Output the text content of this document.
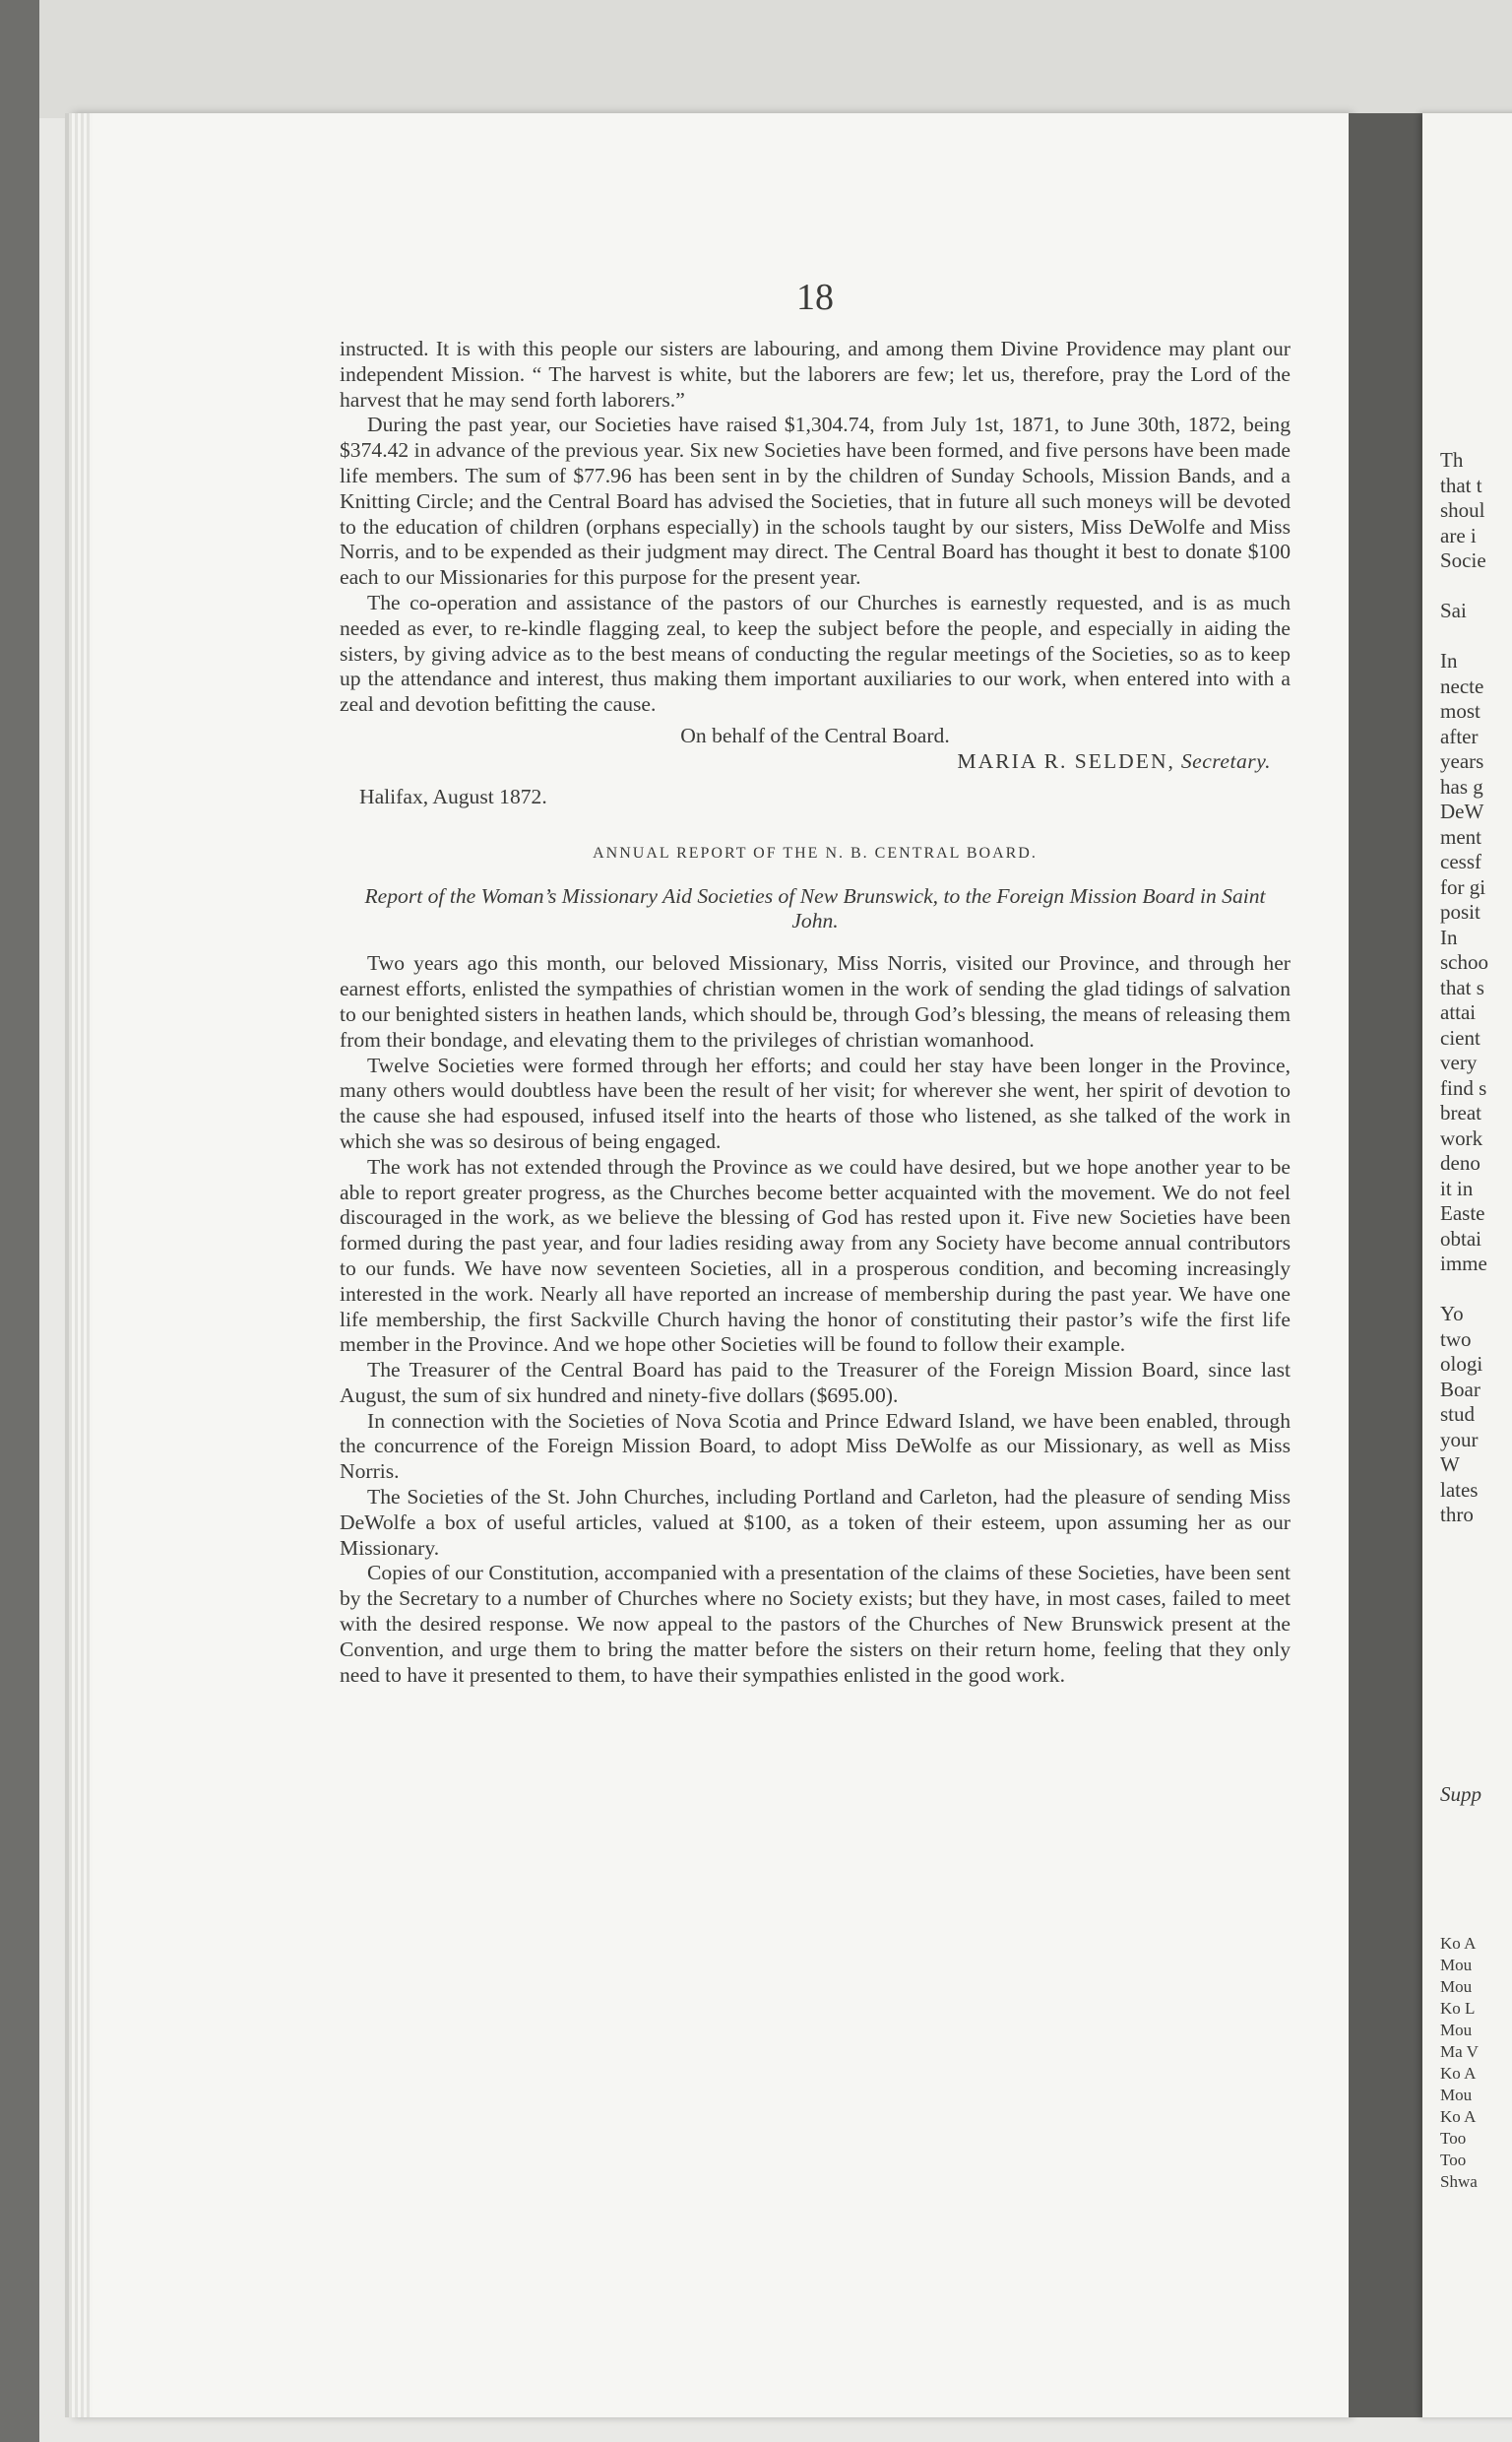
18

instructed. It is with this people our sisters are labouring, and among them Divine Providence may plant our independent Mission. “ The harvest is white, but the laborers are few; let us, therefore, pray the Lord of the harvest that he may send forth laborers.”

During the past year, our Societies have raised $1,304.74, from July 1st, 1871, to June 30th, 1872, being $374.42 in advance of the previous year. Six new Societies have been formed, and five persons have been made life members. The sum of $77.96 has been sent in by the children of Sunday Schools, Mission Bands, and a Knitting Circle; and the Central Board has advised the Societies, that in future all such moneys will be devoted to the education of children (orphans especially) in the schools taught by our sisters, Miss DeWolfe and Miss Norris, and to be expended as their judgment may direct. The Central Board has thought it best to donate $100 each to our Missionaries for this purpose for the present year.

The co-operation and assistance of the pastors of our Churches is earnestly requested, and is as much needed as ever, to re-kindle flagging zeal, to keep the subject before the people, and especially in aiding the sisters, by giving advice as to the best means of conducting the regular meetings of the Societies, so as to keep up the attendance and interest, thus making them important auxiliaries to our work, when entered into with a zeal and devotion befitting the cause.

On behalf of the Central Board.
MARIA R. SELDEN, Secretary.
Halifax, August 1872.
ANNUAL REPORT OF THE N. B. CENTRAL BOARD.
Report of the Woman’s Missionary Aid Societies of New Brunswick, to the Foreign Mission Board in Saint John.

Two years ago this month, our beloved Missionary, Miss Norris, visited our Province, and through her earnest efforts, enlisted the sympathies of christian women in the work of sending the glad tidings of salvation to our benighted sisters in heathen lands, which should be, through God’s blessing, the means of releasing them from their bondage, and elevating them to the privileges of christian womanhood.

Twelve Societies were formed through her efforts; and could her stay have been longer in the Province, many others would doubtless have been the result of her visit; for wherever she went, her spirit of devotion to the cause she had espoused, infused itself into the hearts of those who listened, as she talked of the work in which she was so desirous of being engaged.

The work has not extended through the Province as we could have desired, but we hope another year to be able to report greater progress, as the Churches become better acquainted with the movement. We do not feel discouraged in the work, as we believe the blessing of God has rested upon it. Five new Societies have been formed during the past year, and four ladies residing away from any Society have become annual contributors to our funds. We have now seventeen Societies, all in a prosperous condition, and becoming increasingly interested in the work. Nearly all have reported an increase of membership during the past year. We have one life membership, the first Sackville Church having the honor of constituting their pastor’s wife the first life member in the Province. And we hope other Societies will be found to follow their example.

The Treasurer of the Central Board has paid to the Treasurer of the Foreign Mission Board, since last August, the sum of six hundred and ninety-five dollars ($695.00).

In connection with the Societies of Nova Scotia and Prince Edward Island, we have been enabled, through the concurrence of the Foreign Mission Board, to adopt Miss DeWolfe as our Missionary, as well as Miss Norris.

The Societies of the St. John Churches, including Portland and Carleton, had the pleasure of sending Miss DeWolfe a box of useful articles, valued at $100, as a token of their esteem, upon assuming her as our Missionary.

Copies of our Constitution, accompanied with a presentation of the claims of these Societies, have been sent by the Secretary to a number of Churches where no Society exists; but they have, in most cases, failed to meet with the desired response. We now appeal to the pastors of the Churches of New Brunswick present at the Convention, and urge them to bring the matter before the sisters on their return home, feeling that they only need to have it presented to them, to have their sympathies enlisted in the good work.

Th
that t
shoul
are i
Socie
Sai
In
necte
most
after
years
has g
DeW
ment
cessf
for gi
posit
In
schoo
that s
attai
cient
very
find s
breat
work
deno
it in
Easte
obtai
imme
Yo
two
ologi
Boar
stud
your
W
lates
thro
Supp
Ko A
Mou
Mou
Ko L
Mou
Ma V
Ko A
Mou
Ko A
Too
Too
Shwa
